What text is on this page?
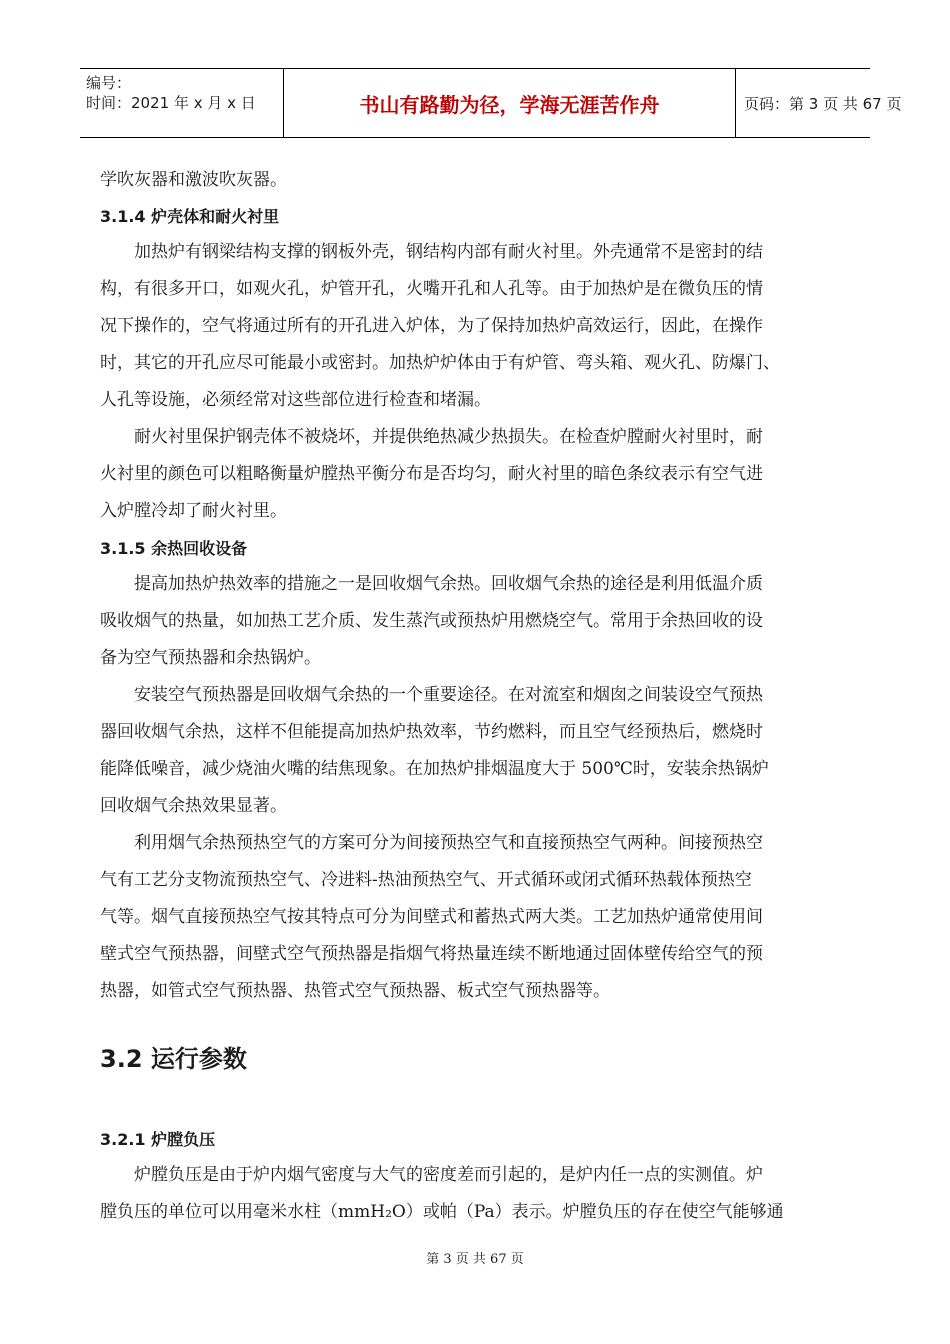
编号：
时间：2021 年 x 月 x 日	书山有路勤为径，学海无涯苦作舟	页码：第 3 页 共 67 页
学吹灰器和激波吹灰器。
3.1.4 炉壳体和耐火衬里
加热炉有钢梁结构支撑的钢板外壳，钢结构内部有耐火衬里。外壳通常不是密封的结
构，有很多开口，如观火孔，炉管开孔，火嘴开孔和人孔等。由于加热炉是在微负压的情
况下操作的，空气将通过所有的开孔进入炉体，为了保持加热炉高效运行，因此，在操作
时，其它的开孔应尽可能最小或密封。加热炉炉体由于有炉管、弯头箱、观火孔、防爆门、
人孔等设施，必须经常对这些部位进行检查和堵漏。
耐火衬里保护钢壳体不被烧坏，并提供绝热减少热损失。在检查炉膛耐火衬里时，耐
火衬里的颜色可以粗略衡量炉膛热平衡分布是否均匀，耐火衬里的暗色条纹表示有空气进
入炉膛冷却了耐火衬里。
3.1.5 余热回收设备
提高加热炉热效率的措施之一是回收烟气余热。回收烟气余热的途径是利用低温介质
吸收烟气的热量，如加热工艺介质、发生蒸汽或预热炉用燃烧空气。常用于余热回收的设
备为空气预热器和余热锅炉。
安装空气预热器是回收烟气余热的一个重要途径。在对流室和烟囱之间装设空气预热
器回收烟气余热，这样不但能提高加热炉热效率，节约燃料，而且空气经预热后，燃烧时
能降低噪音，减少烧油火嘴的结焦现象。在加热炉排烟温度大于 500℃时，安装余热锅炉
回收烟气余热效果显著。
利用烟气余热预热空气的方案可分为间接预热空气和直接预热空气两种。间接预热空
气有工艺分支物流预热空气、冷进料-热油预热空气、开式循环或闭式循环热载体预热空
气等。烟气直接预热空气按其特点可分为间壁式和蓄热式两大类。工艺加热炉通常使用间
壁式空气预热器，间壁式空气预热器是指烟气将热量连续不断地通过固体壁传给空气的预
热器，如管式空气预热器、热管式空气预热器、板式空气预热器等。
3.2 运行参数
3.2.1 炉膛负压
炉膛负压是由于炉内烟气密度与大气的密度差而引起的，是炉内任一点的实测值。炉
膛负压的单位可以用毫米水柱（mmH₂O）或帕（Pa）表示。炉膛负压的存在使空气能够通
第 3 页 共 67 页
